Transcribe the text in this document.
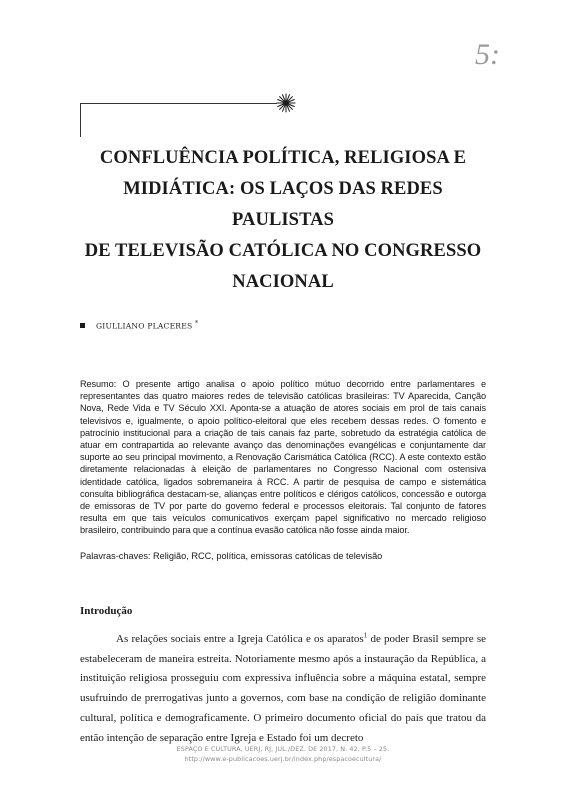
5:
CONFLUÊNCIA POLÍTICA, RELIGIOSA E
MIDIÁTICA: OS LAÇOS DAS REDES PAULISTAS
DE TELEVISÃO CATÓLICA NO CONGRESSO
NACIONAL
GIULLIANO PLACERES *

Resumo: O presente artigo analisa o apoio político mútuo decorrido entre parlamentares e representantes das quatro maiores redes de televisão católicas brasileiras: TV Aparecida, Canção Nova, Rede Vida e TV Século XXI. Aponta-se a atuação de atores sociais em prol de tais canais televisivos e, igualmente, o apoio político-eleitoral que eles recebem dessas redes. O fomento e patrocínio institucional para a criação de tais canais faz parte, sobretudo da estratégia católica de atuar em contrapartida ao relevante avanço das denominações evangélicas e conjuntamente dar suporte ao seu principal movimento, a Renovação Carismática Católica (RCC). A este contexto estão diretamente relacionadas à eleição de parlamentares no Congresso Nacional com ostensiva identidade católica, ligados sobremaneira à RCC. A partir de pesquisa de campo e sistemática consulta bibliográfica destacam-se, alianças entre políticos e clérigos católicos, concessão e outorga de emissoras de TV por parte do governo federal e processos eleitorais. Tal conjunto de fatores resulta em que tais veículos comunicativos exerçam papel significativo no mercado religioso brasileiro, contribuindo para que a contínua evasão católica não fosse ainda maior.

Palavras-chaves: Religião, RCC, política, emissoras católicas de televisão

Introdução

As relações sociais entre a Igreja Católica e os aparatos$^1$ de poder Brasil sempre se estabeleceram de maneira estreita. Notoriamente mesmo após a instauração da República, a instituição religiosa prosseguiu com expressiva influência sobre a máquina estatal, sempre usufruindo de prerrogativas junto a governos, com base na condição de religião dominante cultural, política e demograficamente. O primeiro documento oficial do país que tratou da então intenção de separação entre Igreja e Estado foi um decreto

ESPAÇO E CULTURA, UERJ, RJ, JUL./DEZ. DE 2017, N. 42, P.5 – 25.
http://www.e-publicacoes.uerj.br/index.php/espacoecultura/
